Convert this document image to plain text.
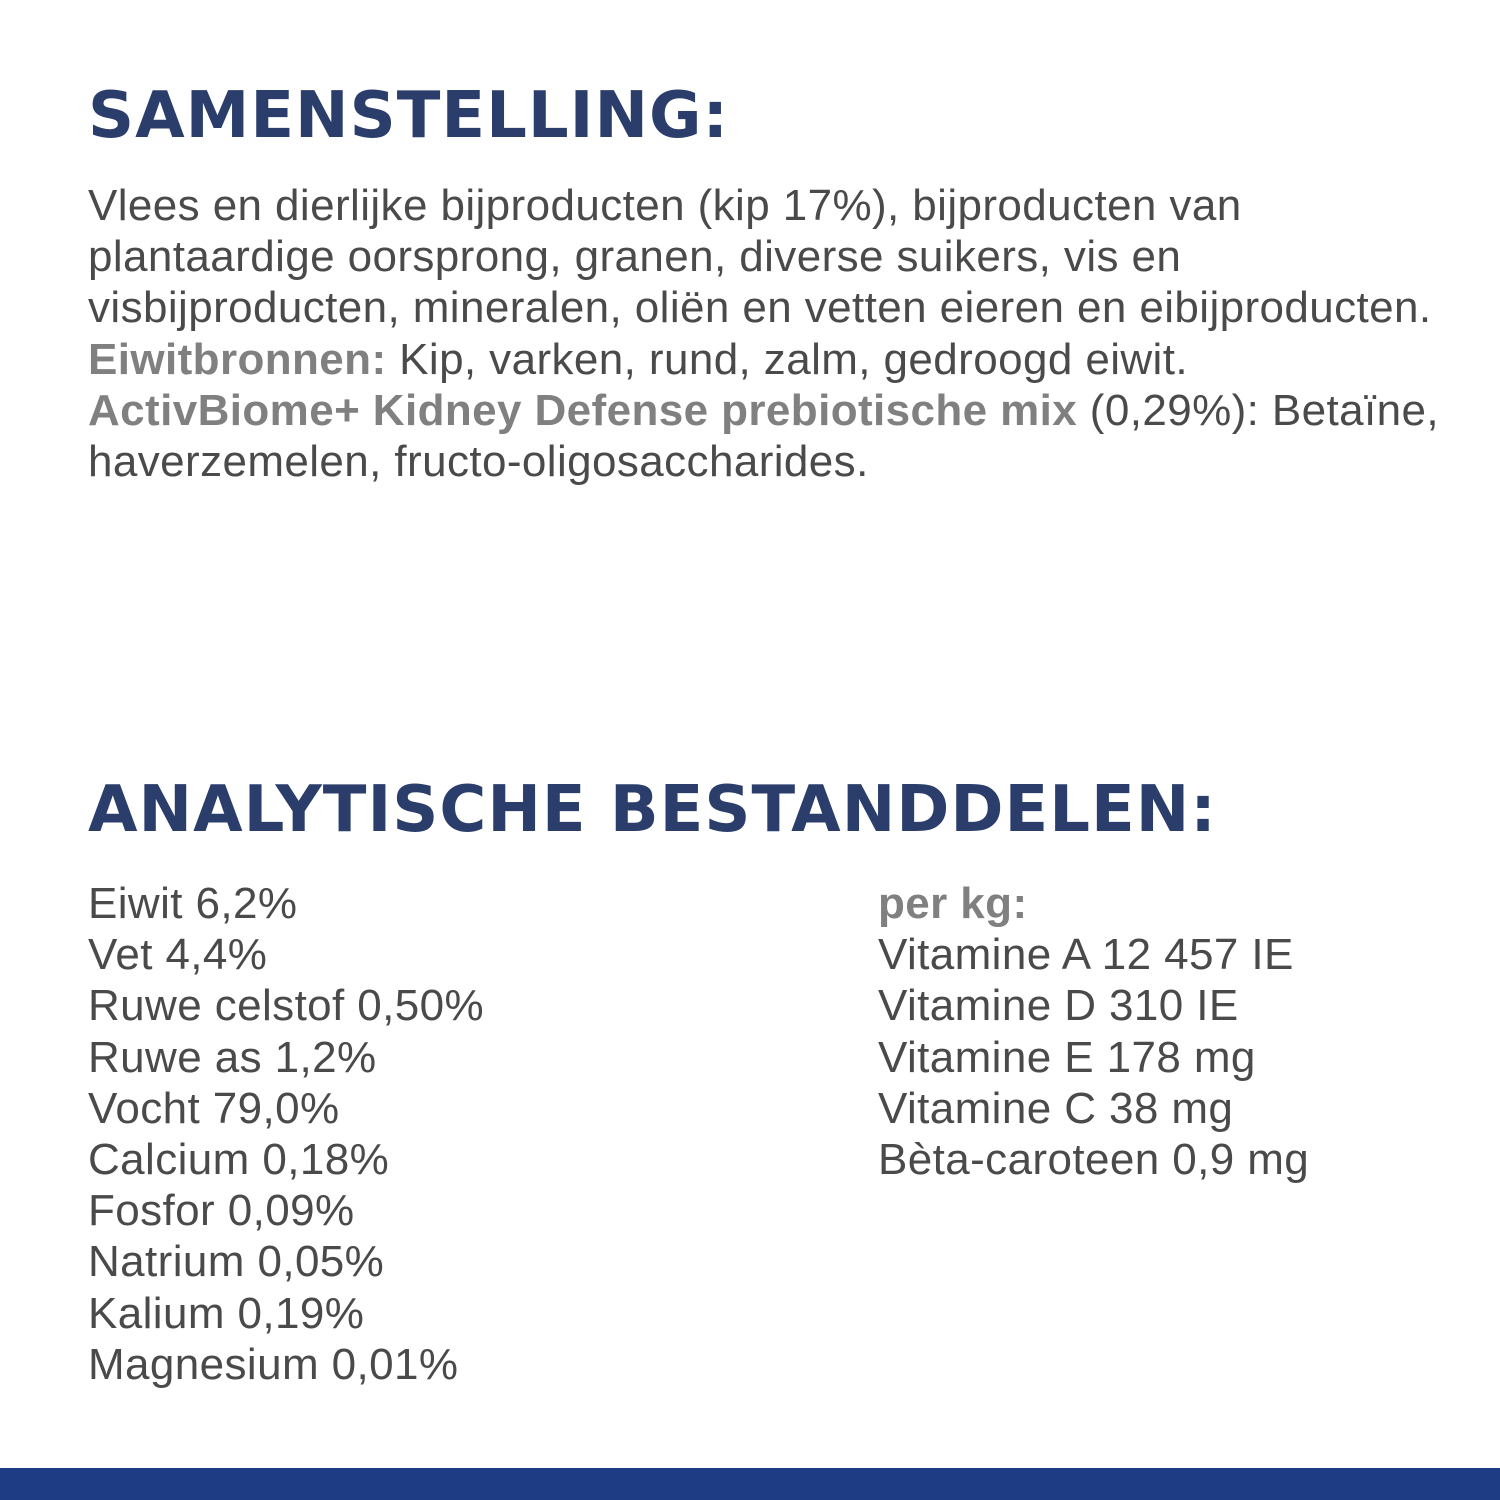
SAMENSTELLING:

Vlees en dierlijke bijproducten (kip 17%), bijproducten van plantaardige oorsprong, granen, diverse suikers, vis en visbijproducten, mineralen, oliën en vetten eieren en eibijproducten.
Eiwitbronnen: Kip, varken, rund, zalm, gedroogd eiwit.
ActivBiome+ Kidney Defense prebiotische mix (0,29%): Betaïne, haverzemelen, fructo-oligosaccharides.

ANALYTISCHE BESTANDDELEN:
Eiwit 6,2%
Vet 4,4%
Ruwe celstof 0,50%
Ruwe as 1,2%
Vocht 79,0%
Calcium 0,18%
Fosfor 0,09%
Natrium 0,05%
Kalium 0,19%
Magnesium 0,01%
per kg:
Vitamine A 12 457 IE
Vitamine D 310 IE
Vitamine E 178 mg
Vitamine C 38 mg
Bèta-caroteen 0,9 mg
